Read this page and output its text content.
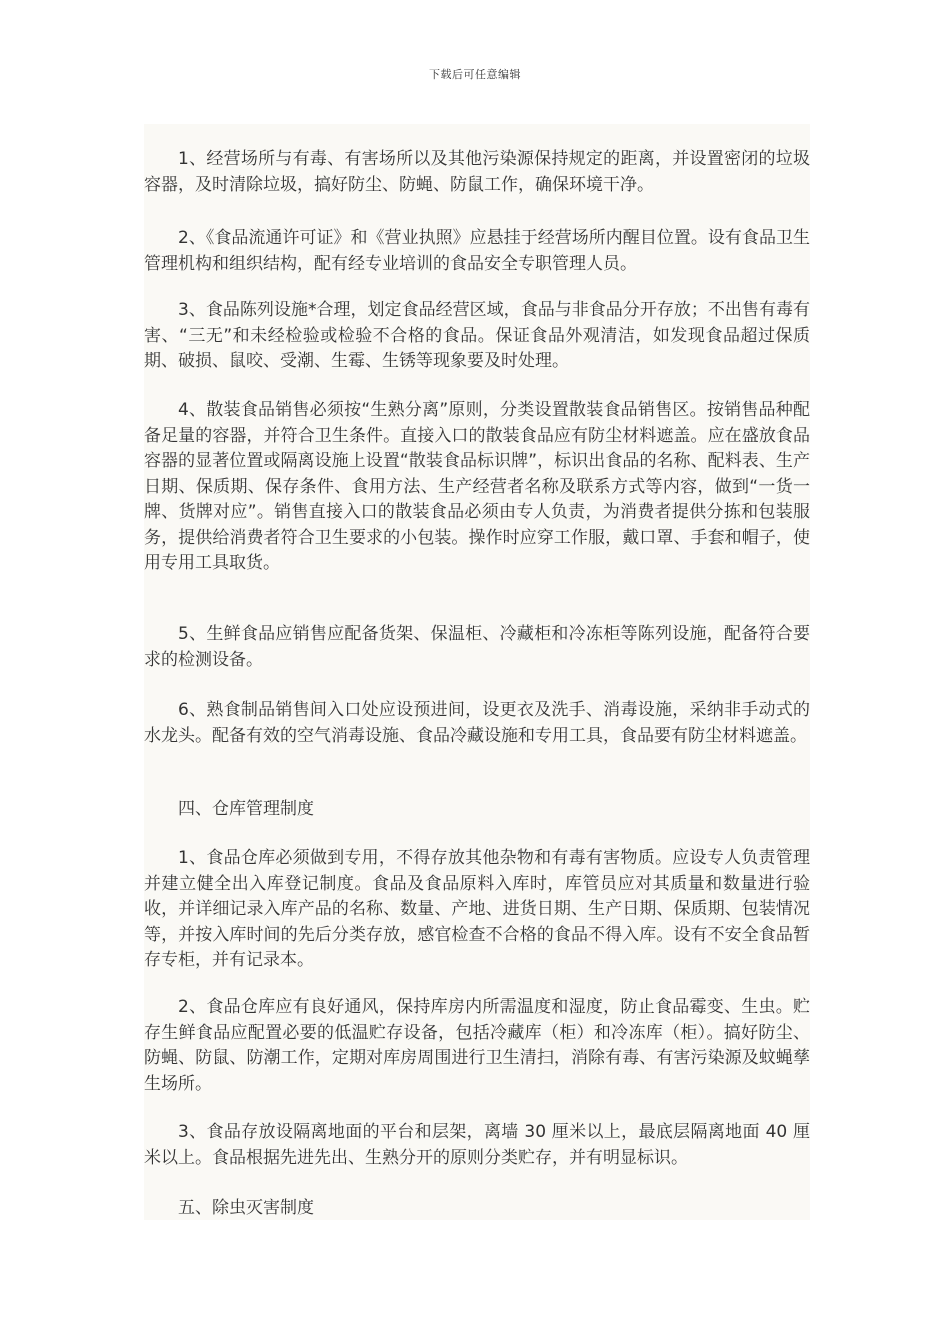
下载后可任意编辑

1、经营场所与有毒、有害场所以及其他污染源保持规定的距离，并设置密闭的垃圾容器，及时清除垃圾，搞好防尘、防蝇、防鼠工作，确保环境干净。

2、《食品流通许可证》和《营业执照》应悬挂于经营场所内醒目位置。设有食品卫生管理机构和组织结构，配有经专业培训的食品安全专职管理人员。

3、食品陈列设施*合理，划定食品经营区域，食品与非食品分开存放；不出售有毒有害、“三无”和未经检验或检验不合格的食品。保证食品外观清洁，如发现食品超过保质期、破损、鼠咬、受潮、生霉、生锈等现象要及时处理。

4、散装食品销售必须按“生熟分离”原则，分类设置散装食品销售区。按销售品种配备足量的容器，并符合卫生条件。直接入口的散装食品应有防尘材料遮盖。应在盛放食品容器的显著位置或隔离设施上设置“散装食品标识牌”，标识出食品的名称、配料表、生产日期、保质期、保存条件、食用方法、生产经营者名称及联系方式等内容，做到“一货一牌、货牌对应”。销售直接入口的散装食品必须由专人负责，为消费者提供分拣和包装服务，提供给消费者符合卫生要求的小包装。操作时应穿工作服，戴口罩、手套和帽子，使用专用工具取货。

5、生鲜食品应销售应配备货架、保温柜、冷藏柜和冷冻柜等陈列设施，配备符合要求的检测设备。

6、熟食制品销售间入口处应设预进间，设更衣及洗手、消毒设施，采纳非手动式的水龙头。配备有效的空气消毒设施、食品冷藏设施和专用工具，食品要有防尘材料遮盖。

四、仓库管理制度

1、食品仓库必须做到专用，不得存放其他杂物和有毒有害物质。应设专人负责管理并建立健全出入库登记制度。食品及食品原料入库时，库管员应对其质量和数量进行验收，并详细记录入库产品的名称、数量、产地、进货日期、生产日期、保质期、包装情况等，并按入库时间的先后分类存放，感官检查不合格的食品不得入库。设有不安全食品暂存专柜，并有记录本。

2、食品仓库应有良好通风，保持库房内所需温度和湿度，防止食品霉变、生虫。贮存生鲜食品应配置必要的低温贮存设备，包括冷藏库（柜）和冷冻库（柜）。搞好防尘、防蝇、防鼠、防潮工作，定期对库房周围进行卫生清扫，消除有毒、有害污染源及蚊蝇孳生场所。

3、食品存放设隔离地面的平台和层架，离墙 30 厘米以上，最底层隔离地面 40 厘米以上。食品根据先进先出、生熟分开的原则分类贮存，并有明显标识。

五、除虫灭害制度
